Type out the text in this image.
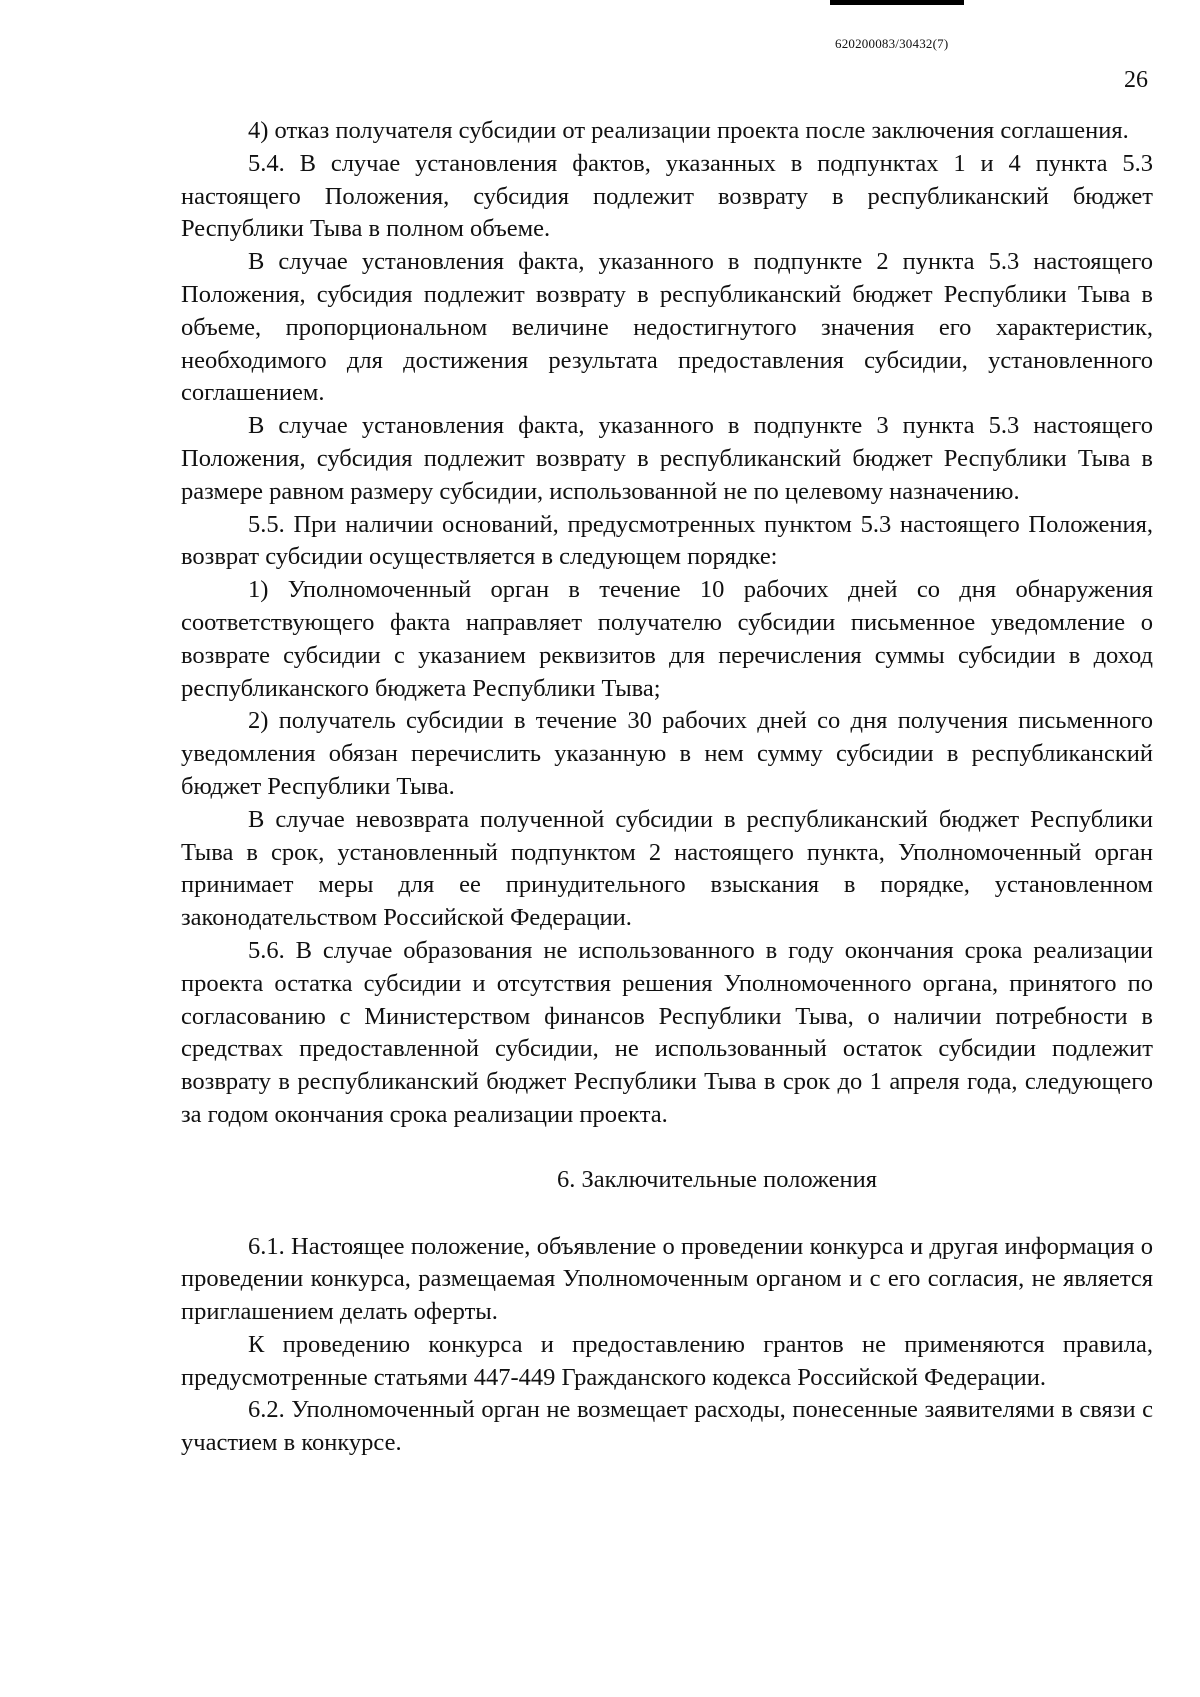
620200083/30432(7)
26

4) отказ получателя субсидии от реализации проекта после заключения соглашения.

5.4. В случае установления фактов, указанных в подпунктах 1 и 4 пункта 5.3 настоящего Положения, субсидия подлежит возврату в республиканский бюджет Республики Тыва в полном объеме.

В случае установления факта, указанного в подпункте 2 пункта 5.3 настоящего Положения, субсидия подлежит возврату в республиканский бюджет Республики Тыва в объеме, пропорциональном величине недостигнутого значения его характеристик, необходимого для достижения результата предоставления субсидии, установленного соглашением.

В случае установления факта, указанного в подпункте 3 пункта 5.3 настоящего Положения, субсидия подлежит возврату в республиканский бюджет Республики Тыва в размере равном размеру субсидии, использованной не по целевому назначению.

5.5. При наличии оснований, предусмотренных пунктом 5.3 настоящего Положения, возврат субсидии осуществляется в следующем порядке:

1) Уполномоченный орган в течение 10 рабочих дней со дня обнаружения соответствующего факта направляет получателю субсидии письменное уведомление о возврате субсидии с указанием реквизитов для перечисления суммы субсидии в доход республиканского бюджета Республики Тыва;

2) получатель субсидии в течение 30 рабочих дней со дня получения письменного уведомления обязан перечислить указанную в нем сумму субсидии в республиканский бюджет Республики Тыва.

В случае невозврата полученной субсидии в республиканский бюджет Республики Тыва в срок, установленный подпунктом 2 настоящего пункта, Уполномоченный орган принимает меры для ее принудительного взыскания в порядке, установленном законодательством Российской Федерации.

5.6. В случае образования не использованного в году окончания срока реализации проекта остатка субсидии и отсутствия решения Уполномоченного органа, принятого по согласованию с Министерством финансов Республики Тыва, о наличии потребности в средствах предоставленной субсидии, не использованный остаток субсидии подлежит возврату в республиканский бюджет Республики Тыва в срок до 1 апреля года, следующего за годом окончания срока реализации проекта.

6. Заключительные положения

6.1. Настоящее положение, объявление о проведении конкурса и другая информация о проведении конкурса, размещаемая Уполномоченным органом и с его согласия, не является приглашением делать оферты.

К проведению конкурса и предоставлению грантов не применяются правила, предусмотренные статьями 447-449 Гражданского кодекса Российской Федерации.

6.2. Уполномоченный орган не возмещает расходы, понесенные заявителями в связи с участием в конкурсе.
